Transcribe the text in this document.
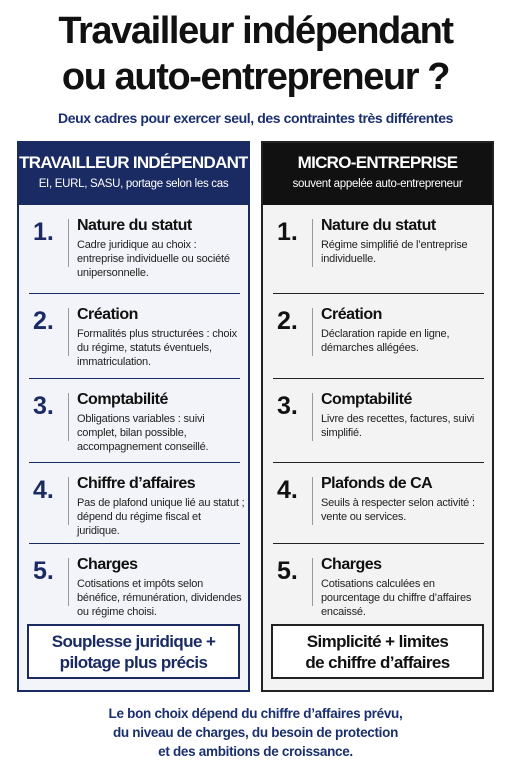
Travailleur indépendant
ou auto-entrepreneur ?
Deux cadres pour exercer seul, des contraintes très différentes
TRAVAILLEUR INDÉPENDANT
EI, EURL, SASU, portage selon les cas
1. Nature du statut
Cadre juridique au choix : entreprise individuelle ou société unipersonnelle.
2. Création
Formalités plus structurées : choix du régime, statuts éventuels, immatriculation.
3. Comptabilité
Obligations variables : suivi complet, bilan possible, accompagnement conseillé.
4. Chiffre d’affaires
Pas de plafond unique lié au statut ; dépend du régime fiscal et juridique.
5. Charges
Cotisations et impôts selon bénéfice, rémunération, dividendes ou régime choisi.
Souplesse juridique +
pilotage plus précis
MICRO-ENTREPRISE
souvent appelée auto-entrepreneur
1. Nature du statut
Régime simplifié de l’entreprise individuelle.
2. Création
Déclaration rapide en ligne, démarches allégées.
3. Comptabilité
Livre des recettes, factures, suivi simplifié.
4. Plafonds de CA
Seuils à respecter selon activité : vente ou services.
5. Charges
Cotisations calculées en pourcentage du chiffre d’affaires encaissé.
Simplicité + limites
de chiffre d’affaires
Le bon choix dépend du chiffre d’affaires prévu,
du niveau de charges, du besoin de protection
et des ambitions de croissance.
